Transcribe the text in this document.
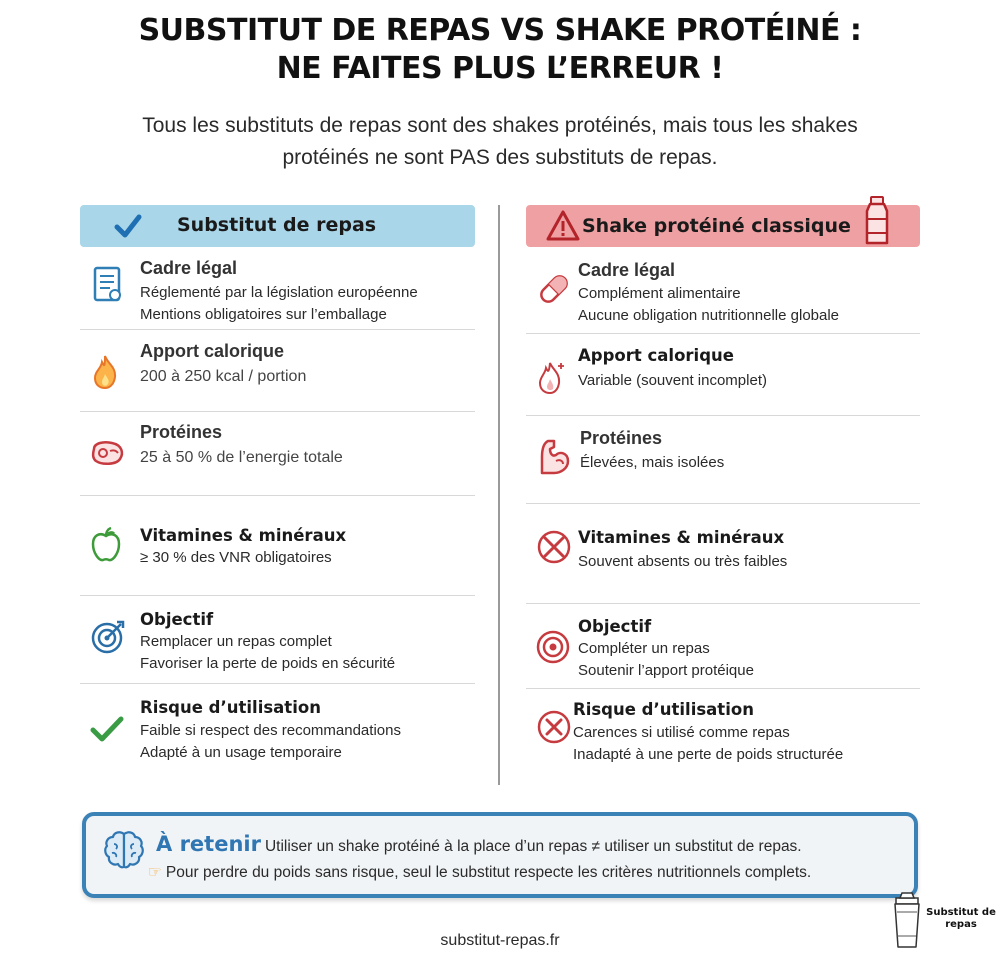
SUBSTITUT DE REPAS VS SHAKE PROTÉINÉ :
NE FAITES PLUS L’ERREUR !
Tous les substituts de repas sont des shakes protéinés, mais tous les shakes
protéinés ne sont PAS des substituts de repas.
Substitut de repas
Cadre légal
Réglementé par la législation européenne
Mentions obligatoires sur l’emballage
Apport calorique
200 à 250 kcal / portion
Protéines
25 à 50 % de l’energie totale
Vitamines & minéraux
≥ 30 % des VNR obligatoires
Objectif
Remplacer un repas complet
Favoriser la perte de poids en sécurité
Risque d’utilisation
Faible si respect des recommandations
Adapté à un usage temporaire
Shake protéiné classique
Cadre légal
Complément alimentaire
Aucune obligation nutritionnelle globale
Apport calorique
Variable (souvent incomplet)
Protéines
Élevées, mais isolées
Vitamines & minéraux
Souvent absents ou très faibles
Objectif
Compléter un repas
Soutenir l’apport protéique
Risque d’utilisation
Carences si utilisé comme repas
Inadapté à une perte de poids structurée
À retenir Utiliser un shake protéiné à la place d’un repas ≠ utiliser un substitut de repas.
☞ Pour perdre du poids sans risque, seul le substitut respecte les critères nutritionnels complets.
substitut-repas.fr
Substitut de
repas
